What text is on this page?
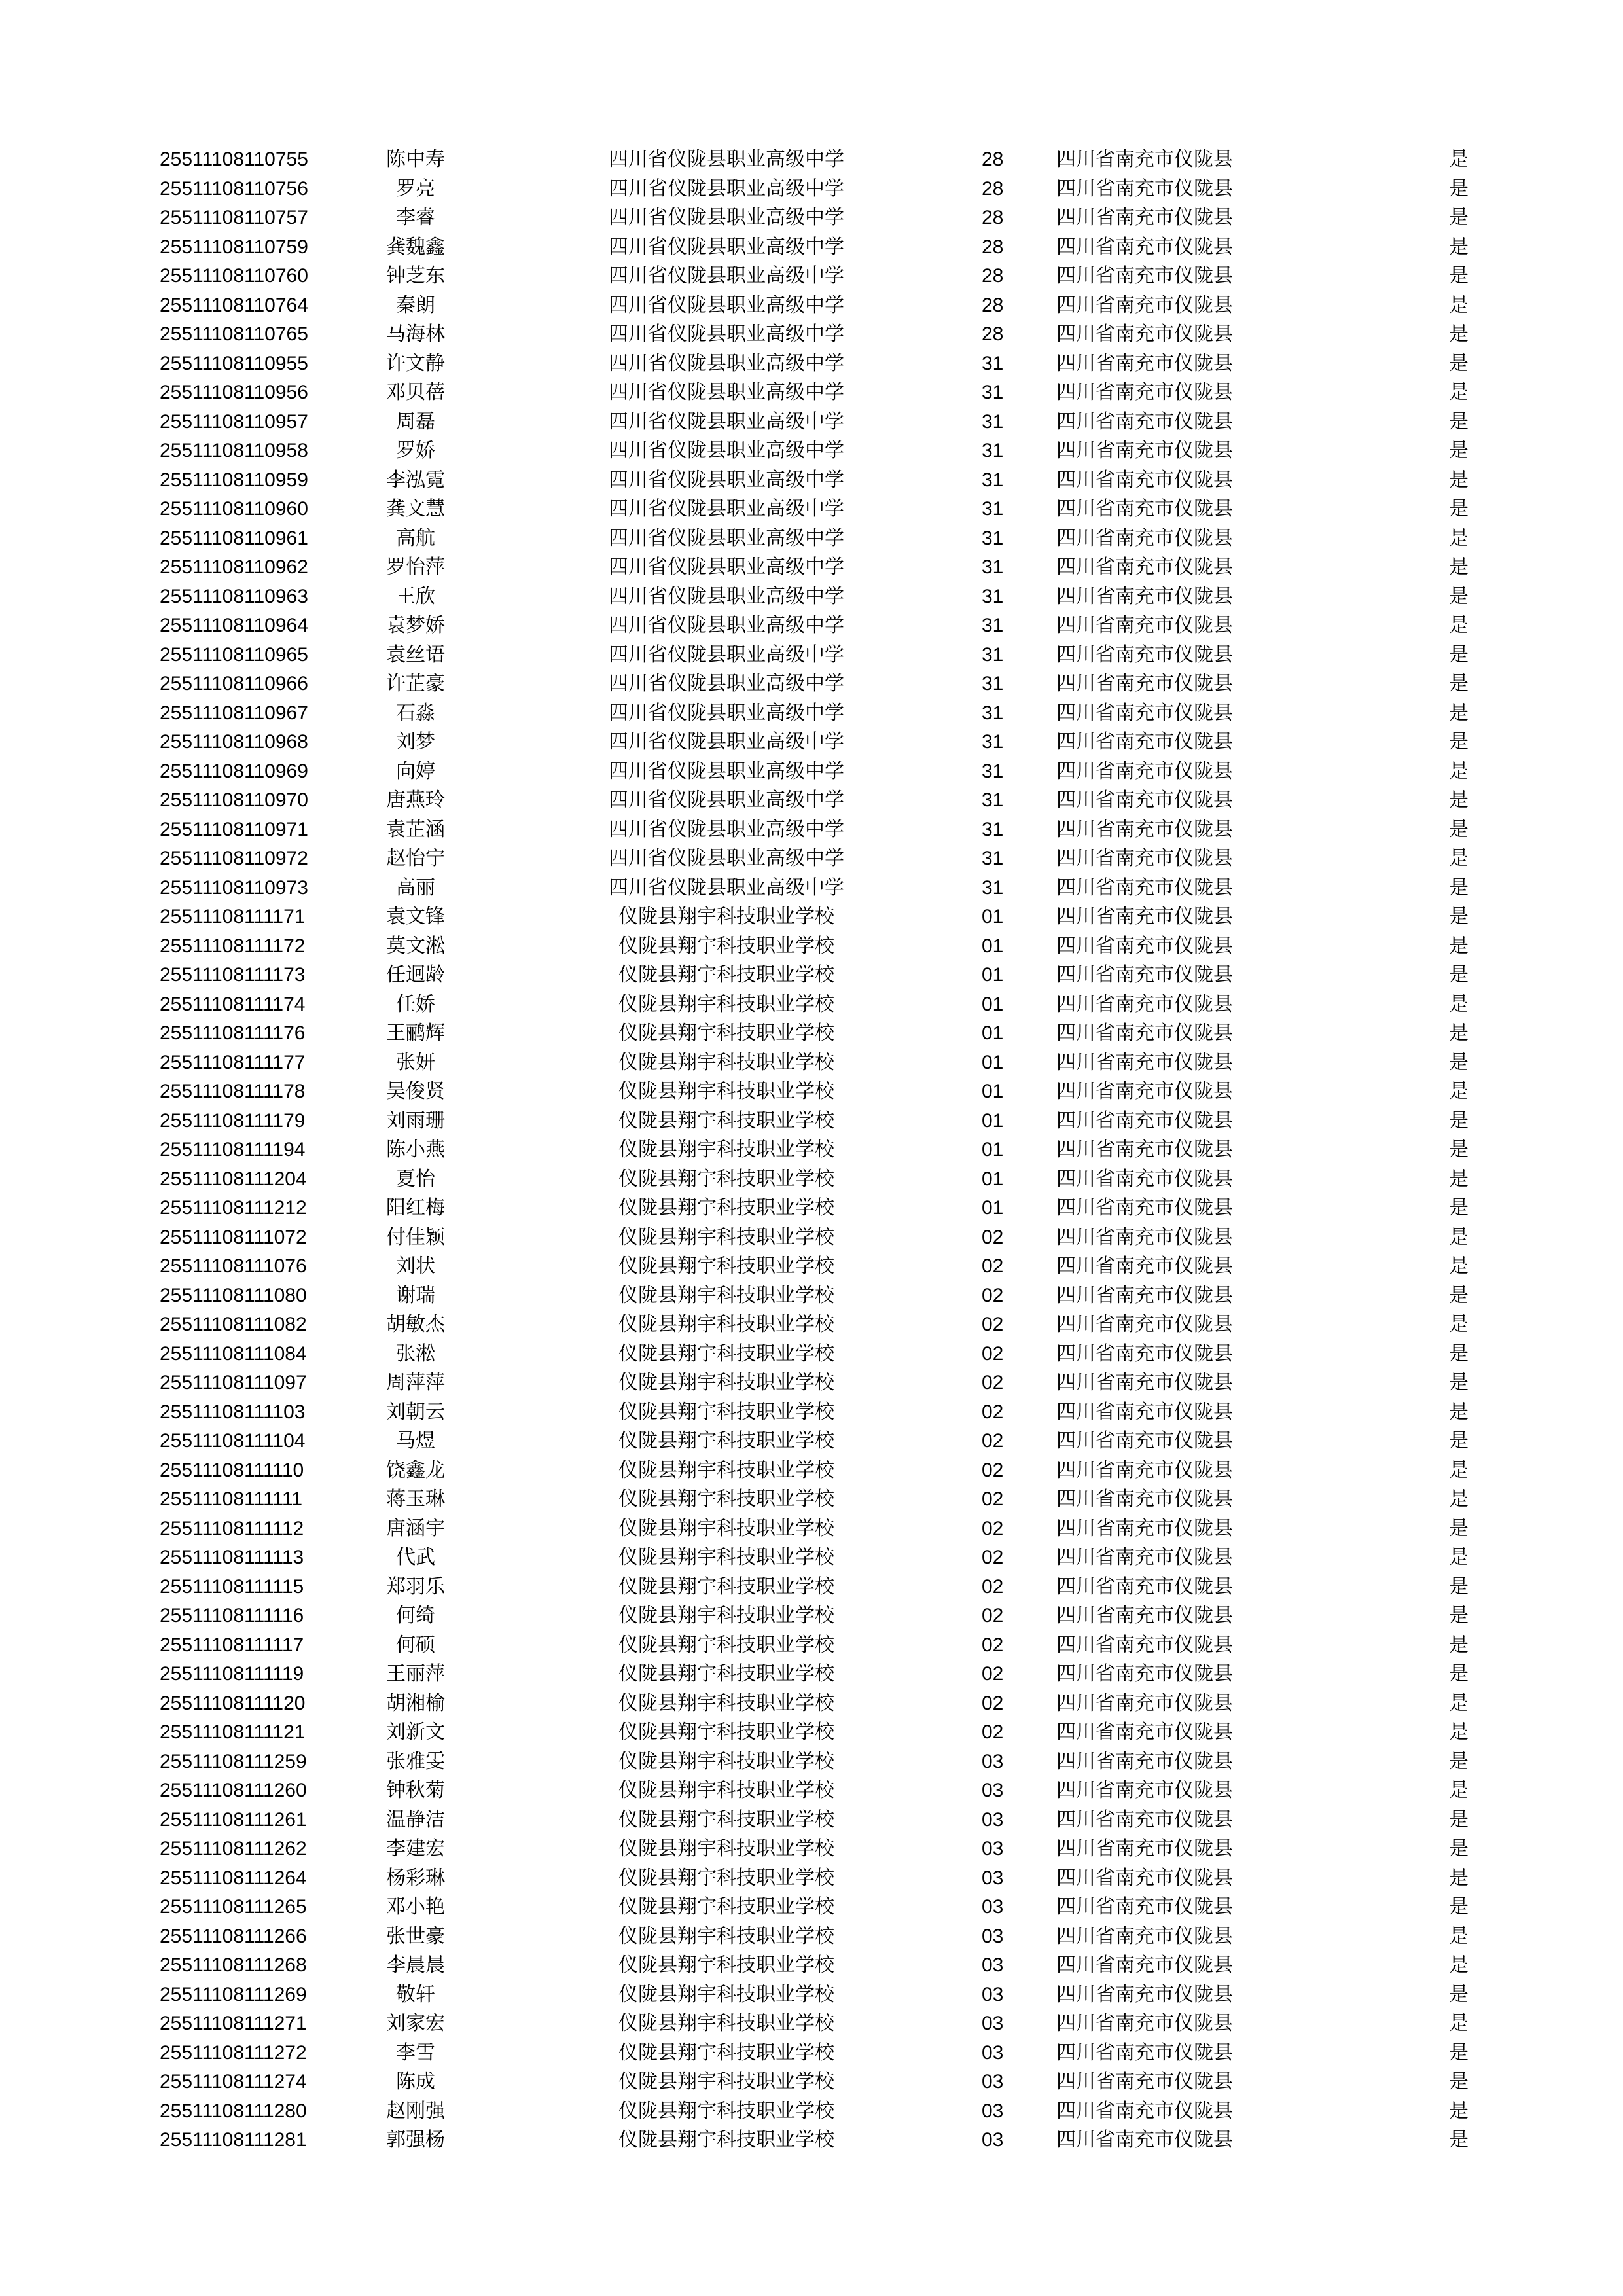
25511108110755	陈中寿	四川省仪陇县职业高级中学	28	四川省南充市仪陇县	是
25511108110756	罗亮	四川省仪陇县职业高级中学	28	四川省南充市仪陇县	是
25511108110757	李睿	四川省仪陇县职业高级中学	28	四川省南充市仪陇县	是
25511108110759	龚魏鑫	四川省仪陇县职业高级中学	28	四川省南充市仪陇县	是
25511108110760	钟芝东	四川省仪陇县职业高级中学	28	四川省南充市仪陇县	是
25511108110764	秦朗	四川省仪陇县职业高级中学	28	四川省南充市仪陇县	是
25511108110765	马海林	四川省仪陇县职业高级中学	28	四川省南充市仪陇县	是
25511108110955	许文静	四川省仪陇县职业高级中学	31	四川省南充市仪陇县	是
25511108110956	邓贝蓓	四川省仪陇县职业高级中学	31	四川省南充市仪陇县	是
25511108110957	周磊	四川省仪陇县职业高级中学	31	四川省南充市仪陇县	是
25511108110958	罗娇	四川省仪陇县职业高级中学	31	四川省南充市仪陇县	是
25511108110959	李泓霓	四川省仪陇县职业高级中学	31	四川省南充市仪陇县	是
25511108110960	龚文慧	四川省仪陇县职业高级中学	31	四川省南充市仪陇县	是
25511108110961	高航	四川省仪陇县职业高级中学	31	四川省南充市仪陇县	是
25511108110962	罗怡萍	四川省仪陇县职业高级中学	31	四川省南充市仪陇县	是
25511108110963	王欣	四川省仪陇县职业高级中学	31	四川省南充市仪陇县	是
25511108110964	袁梦娇	四川省仪陇县职业高级中学	31	四川省南充市仪陇县	是
25511108110965	袁丝语	四川省仪陇县职业高级中学	31	四川省南充市仪陇县	是
25511108110966	许芷豪	四川省仪陇县职业高级中学	31	四川省南充市仪陇县	是
25511108110967	石淼	四川省仪陇县职业高级中学	31	四川省南充市仪陇县	是
25511108110968	刘梦	四川省仪陇县职业高级中学	31	四川省南充市仪陇县	是
25511108110969	向婷	四川省仪陇县职业高级中学	31	四川省南充市仪陇县	是
25511108110970	唐燕玲	四川省仪陇县职业高级中学	31	四川省南充市仪陇县	是
25511108110971	袁芷涵	四川省仪陇县职业高级中学	31	四川省南充市仪陇县	是
25511108110972	赵怡宁	四川省仪陇县职业高级中学	31	四川省南充市仪陇县	是
25511108110973	高丽	四川省仪陇县职业高级中学	31	四川省南充市仪陇县	是
25511108111171	袁文锋	仪陇县翔宇科技职业学校	01	四川省南充市仪陇县	是
25511108111172	莫文淞	仪陇县翔宇科技职业学校	01	四川省南充市仪陇县	是
25511108111173	任迥龄	仪陇县翔宇科技职业学校	01	四川省南充市仪陇县	是
25511108111174	任娇	仪陇县翔宇科技职业学校	01	四川省南充市仪陇县	是
25511108111176	王鹂辉	仪陇县翔宇科技职业学校	01	四川省南充市仪陇县	是
25511108111177	张妍	仪陇县翔宇科技职业学校	01	四川省南充市仪陇县	是
25511108111178	吴俊贤	仪陇县翔宇科技职业学校	01	四川省南充市仪陇县	是
25511108111179	刘雨珊	仪陇县翔宇科技职业学校	01	四川省南充市仪陇县	是
25511108111194	陈小燕	仪陇县翔宇科技职业学校	01	四川省南充市仪陇县	是
25511108111204	夏怡	仪陇县翔宇科技职业学校	01	四川省南充市仪陇县	是
25511108111212	阳红梅	仪陇县翔宇科技职业学校	01	四川省南充市仪陇县	是
25511108111072	付佳颖	仪陇县翔宇科技职业学校	02	四川省南充市仪陇县	是
25511108111076	刘状	仪陇县翔宇科技职业学校	02	四川省南充市仪陇县	是
25511108111080	谢瑞	仪陇县翔宇科技职业学校	02	四川省南充市仪陇县	是
25511108111082	胡敏杰	仪陇县翔宇科技职业学校	02	四川省南充市仪陇县	是
25511108111084	张淞	仪陇县翔宇科技职业学校	02	四川省南充市仪陇县	是
25511108111097	周萍萍	仪陇县翔宇科技职业学校	02	四川省南充市仪陇县	是
25511108111103	刘朝云	仪陇县翔宇科技职业学校	02	四川省南充市仪陇县	是
25511108111104	马煜	仪陇县翔宇科技职业学校	02	四川省南充市仪陇县	是
25511108111110	饶鑫龙	仪陇县翔宇科技职业学校	02	四川省南充市仪陇县	是
25511108111111	蒋玉琳	仪陇县翔宇科技职业学校	02	四川省南充市仪陇县	是
25511108111112	唐涵宇	仪陇县翔宇科技职业学校	02	四川省南充市仪陇县	是
25511108111113	代武	仪陇县翔宇科技职业学校	02	四川省南充市仪陇县	是
25511108111115	郑羽乐	仪陇县翔宇科技职业学校	02	四川省南充市仪陇县	是
25511108111116	何绮	仪陇县翔宇科技职业学校	02	四川省南充市仪陇县	是
25511108111117	何硕	仪陇县翔宇科技职业学校	02	四川省南充市仪陇县	是
25511108111119	王丽萍	仪陇县翔宇科技职业学校	02	四川省南充市仪陇县	是
25511108111120	胡湘榆	仪陇县翔宇科技职业学校	02	四川省南充市仪陇县	是
25511108111121	刘新文	仪陇县翔宇科技职业学校	02	四川省南充市仪陇县	是
25511108111259	张雅雯	仪陇县翔宇科技职业学校	03	四川省南充市仪陇县	是
25511108111260	钟秋菊	仪陇县翔宇科技职业学校	03	四川省南充市仪陇县	是
25511108111261	温静洁	仪陇县翔宇科技职业学校	03	四川省南充市仪陇县	是
25511108111262	李建宏	仪陇县翔宇科技职业学校	03	四川省南充市仪陇县	是
25511108111264	杨彩琳	仪陇县翔宇科技职业学校	03	四川省南充市仪陇县	是
25511108111265	邓小艳	仪陇县翔宇科技职业学校	03	四川省南充市仪陇县	是
25511108111266	张世豪	仪陇县翔宇科技职业学校	03	四川省南充市仪陇县	是
25511108111268	李晨晨	仪陇县翔宇科技职业学校	03	四川省南充市仪陇县	是
25511108111269	敬轩	仪陇县翔宇科技职业学校	03	四川省南充市仪陇县	是
25511108111271	刘家宏	仪陇县翔宇科技职业学校	03	四川省南充市仪陇县	是
25511108111272	李雪	仪陇县翔宇科技职业学校	03	四川省南充市仪陇县	是
25511108111274	陈成	仪陇县翔宇科技职业学校	03	四川省南充市仪陇县	是
25511108111280	赵刚强	仪陇县翔宇科技职业学校	03	四川省南充市仪陇县	是
25511108111281	郭强杨	仪陇县翔宇科技职业学校	03	四川省南充市仪陇县	是
